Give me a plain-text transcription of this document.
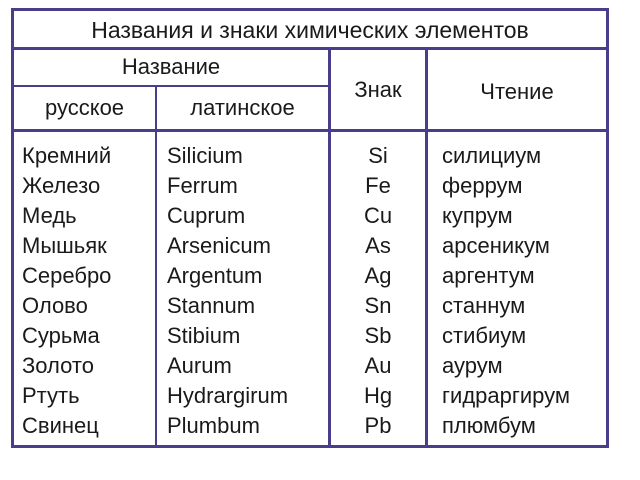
Названия и знаки химических элементов
Название
русское	латинское
Знак	Чтение
Кремний
Железо
Медь
Мышьяк
Серебро
Олово
Сурьма
Золото
Ртуть
Свинец
Silicium
Ferrum
Cuprum
Arsenicum
Argentum
Stannum
Stibium
Aurum
Hydrargirum
Plumbum
Si
Fe
Cu
As
Ag
Sn
Sb
Au
Hg
Pb
силициум
феррум
купрум
арсеникум
аргентум
станнум
стибиум
аурум
гидраргирум
плюмбум
